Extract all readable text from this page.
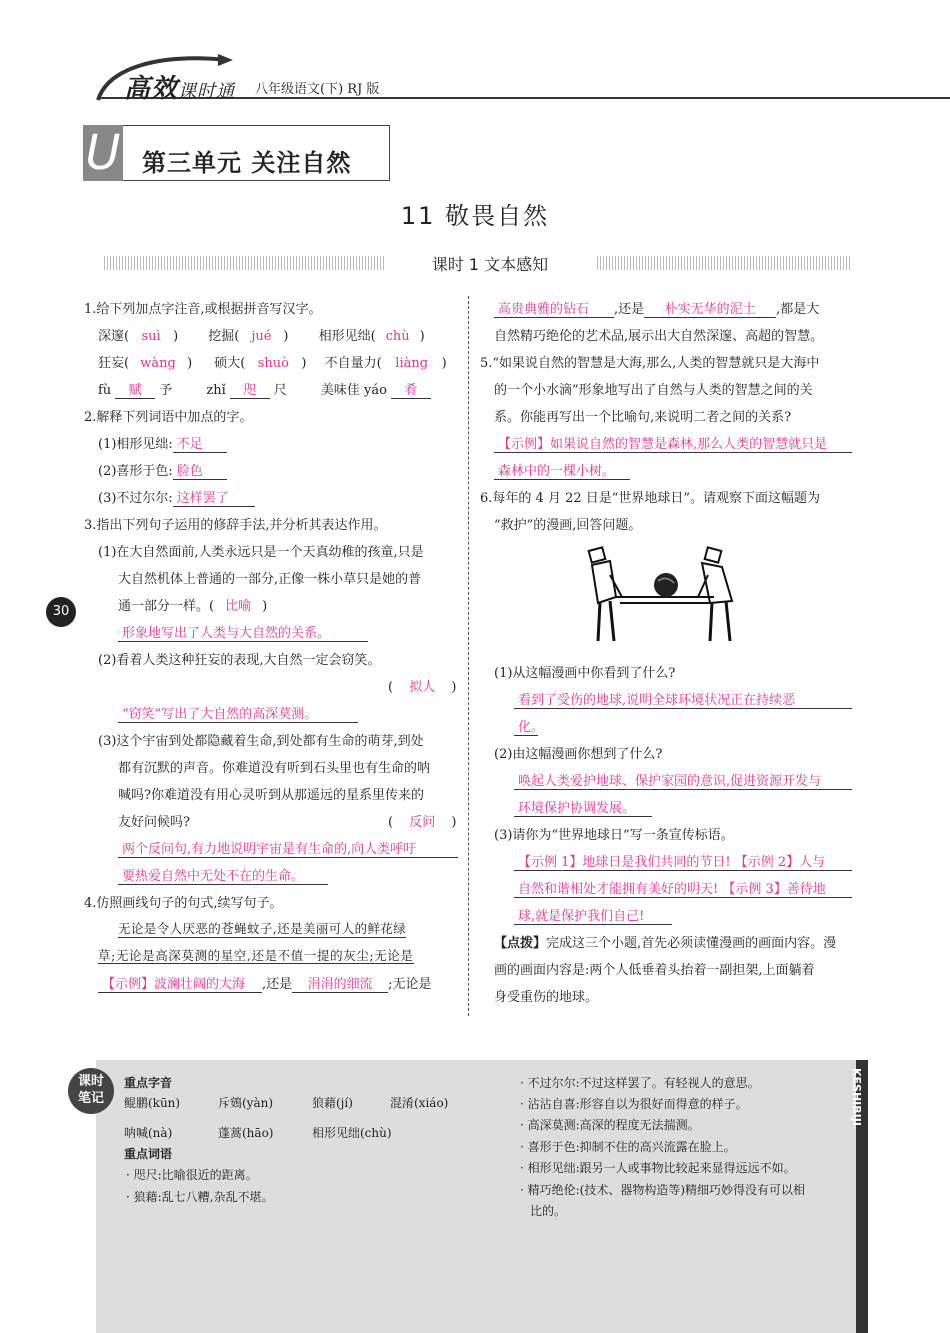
高效课时通 八年级语文(下) RJ 版
U 第三单元 关注自然
11 敬畏自然
课时 1 文本感知
30
1.给下列加点字注音,或根据拼音写汉字。
深邃( suì ) 挖掘( jué ) 相形见绌( chù )
狂妄( wàng ) 硕大( shuò ) 不自量力( liàng )
fù 赋 予	zhǐ 咫 尺	美味佳 yáo 肴
2.解释下列词语中加点的字。
(1)相形见绌: 不足
(2)喜形于色: 脸色
(3)不过尔尔: 这样罢了
3.指出下列句子运用的修辞手法,并分析其表达作用。
(1)在大自然面前,人类永远只是一个天真幼稚的孩童,只是
大自然机体上普通的一部分,正像一株小草只是她的普
通一部分一样。( 比喻 )
形象地写出了人类与大自然的关系。
(2)看着人类这种狂妄的表现,大自然一定会窃笑。
( 拟人 )
“窃笑”写出了大自然的高深莫测。
(3)这个宇宙到处都隐藏着生命,到处都有生命的萌芽,到处
都有沉默的声音。你难道没有听到石头里也有生命的呐
喊吗?你难道没有用心灵听到从那遥远的星系里传来的
友好问候吗?	( 反问 )
两个反问句,有力地说明宇宙是有生命的,向人类呼吁
要热爱自然中无处不在的生命。
4.仿照画线句子的句式,续写句子。
无论是令人厌恶的苍蝇蚊子,还是美丽可人的鲜花绿
草;无论是高深莫测的星空,还是不值一提的灰尘;无论是
【示例】波澜壮阔的大海 ,还是 涓涓的细流 ;无论是
高贵典雅的钻石 ,还是 朴实无华的泥土 ,都是大
自然精巧绝伦的艺术品,展示出大自然深邃、高超的智慧。
5.“如果说自然的智慧是大海,那么,人类的智慧就只是大海中
的一个小水滴”形象地写出了自然与人类的智慧之间的关
系。你能再写出一个比喻句,来说明二者之间的关系?
【示例】如果说自然的智慧是森林,那么人类的智慧就只是
森林中的一棵小树。
6.每年的 4 月 22 日是“世界地球日”。请观察下面这幅题为
“救护”的漫画,回答问题。
(1)从这幅漫画中你看到了什么?
看到了受伤的地球,说明全球环境状况正在持续恶
化。
(2)由这幅漫画你想到了什么?
唤起人类爱护地球、保护家园的意识,促进资源开发与
环境保护协调发展。
(3)请你为“世界地球日”写一条宣传标语。
【示例 1】地球日是我们共同的节日! 【示例 2】人与
自然和谐相处才能拥有美好的明天! 【示例 3】善待地
球,就是保护我们自己!
【点拨】完成这三个小题,首先必须读懂漫画的画面内容。漫
画的画面内容是:两个人低垂着头抬着一副担架,上面躺着
身受重伤的地球。
KESHIBIJI
课时
笔记
重点字音
鲲鹏(kūn)	斥鴳(yàn)	狼藉(jí)	混淆(xiáo)
呐喊(nà)	蓬蒿(hāo)	相形见绌(chù)
重点词语
· 咫尺:比喻很近的距离。
· 狼藉:乱七八糟,杂乱不堪。
· 不过尔尔:不过这样罢了。有轻视人的意思。
· 沾沾自喜:形容自以为很好而得意的样子。
· 高深莫测:高深的程度无法揣测。
· 喜形于色:抑制不住的高兴流露在脸上。
· 相形见绌:跟另一人或事物比较起来显得远远不如。
· 精巧绝伦:(技术、器物构造等)精细巧妙得没有可以相
比的。
